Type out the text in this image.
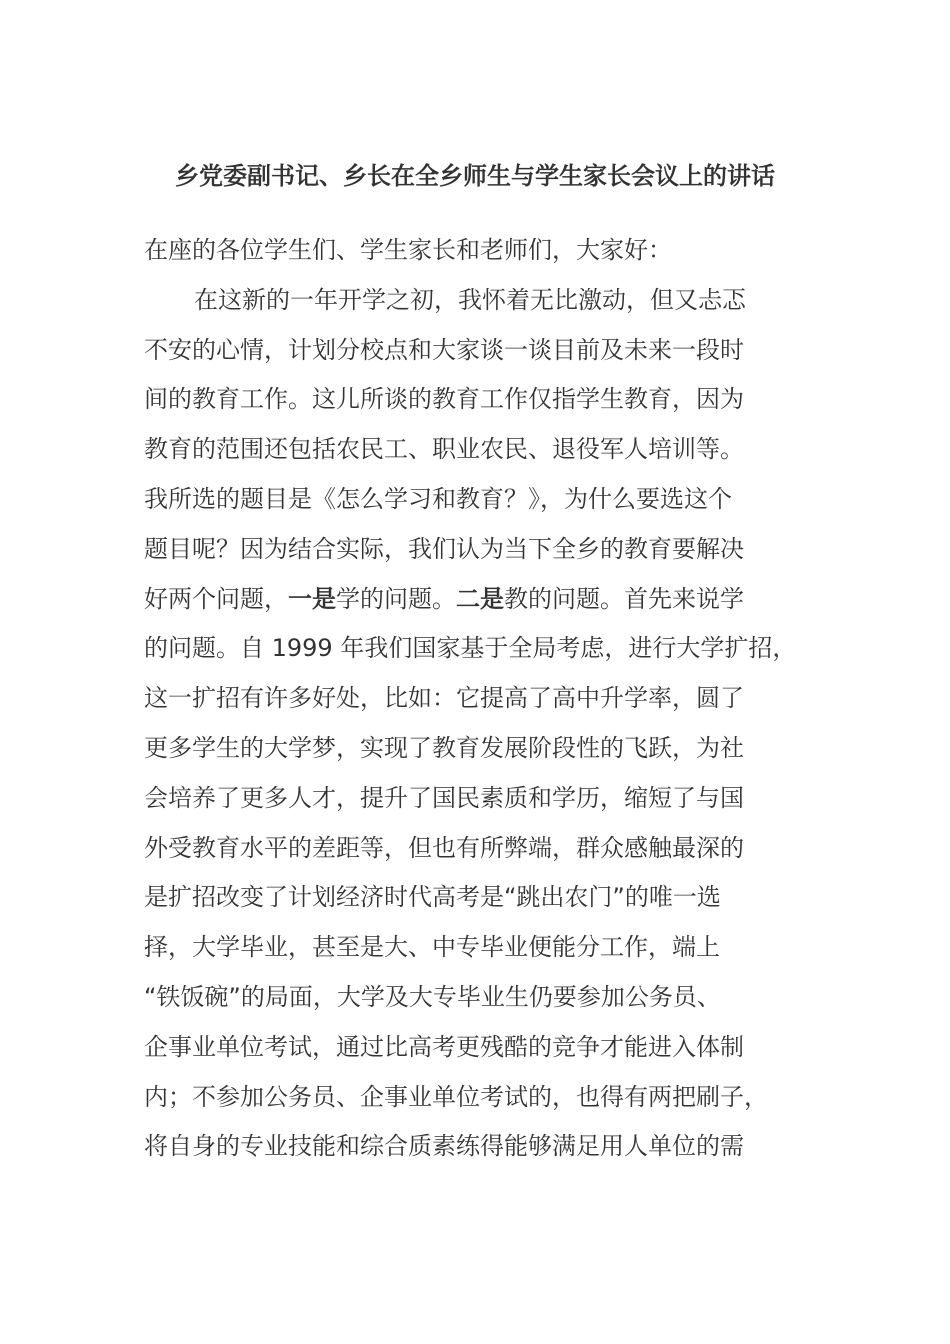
乡党委副书记、乡长在全乡师生与学生家长会议上的讲话
在座的各位学生们、学生家长和老师们，大家好：
在这新的一年开学之初，我怀着无比激动，但又忐忑
不安的心情，计划分校点和大家谈一谈目前及未来一段时
间的教育工作。这儿所谈的教育工作仅指学生教育，因为
教育的范围还包括农民工、职业农民、退役军人培训等。
我所选的题目是《怎么学习和教育？》，为什么要选这个
题目呢？因为结合实际，我们认为当下全乡的教育要解决
好两个问题，一是学的问题。二是教的问题。首先来说学
的问题。自 1999 年我们国家基于全局考虑，进行大学扩招，
这一扩招有许多好处，比如：它提高了高中升学率，圆了
更多学生的大学梦，实现了教育发展阶段性的飞跃，为社
会培养了更多人才，提升了国民素质和学历，缩短了与国
外受教育水平的差距等，但也有所弊端，群众感触最深的
是扩招改变了计划经济时代高考是“跳出农门”的唯一选
择，大学毕业，甚至是大、中专毕业便能分工作，端上
“铁饭碗”的局面，大学及大专毕业生仍要参加公务员、
企事业单位考试，通过比高考更残酷的竞争才能进入体制
内；不参加公务员、企事业单位考试的，也得有两把刷子，
将自身的专业技能和综合质素练得能够满足用人单位的需
